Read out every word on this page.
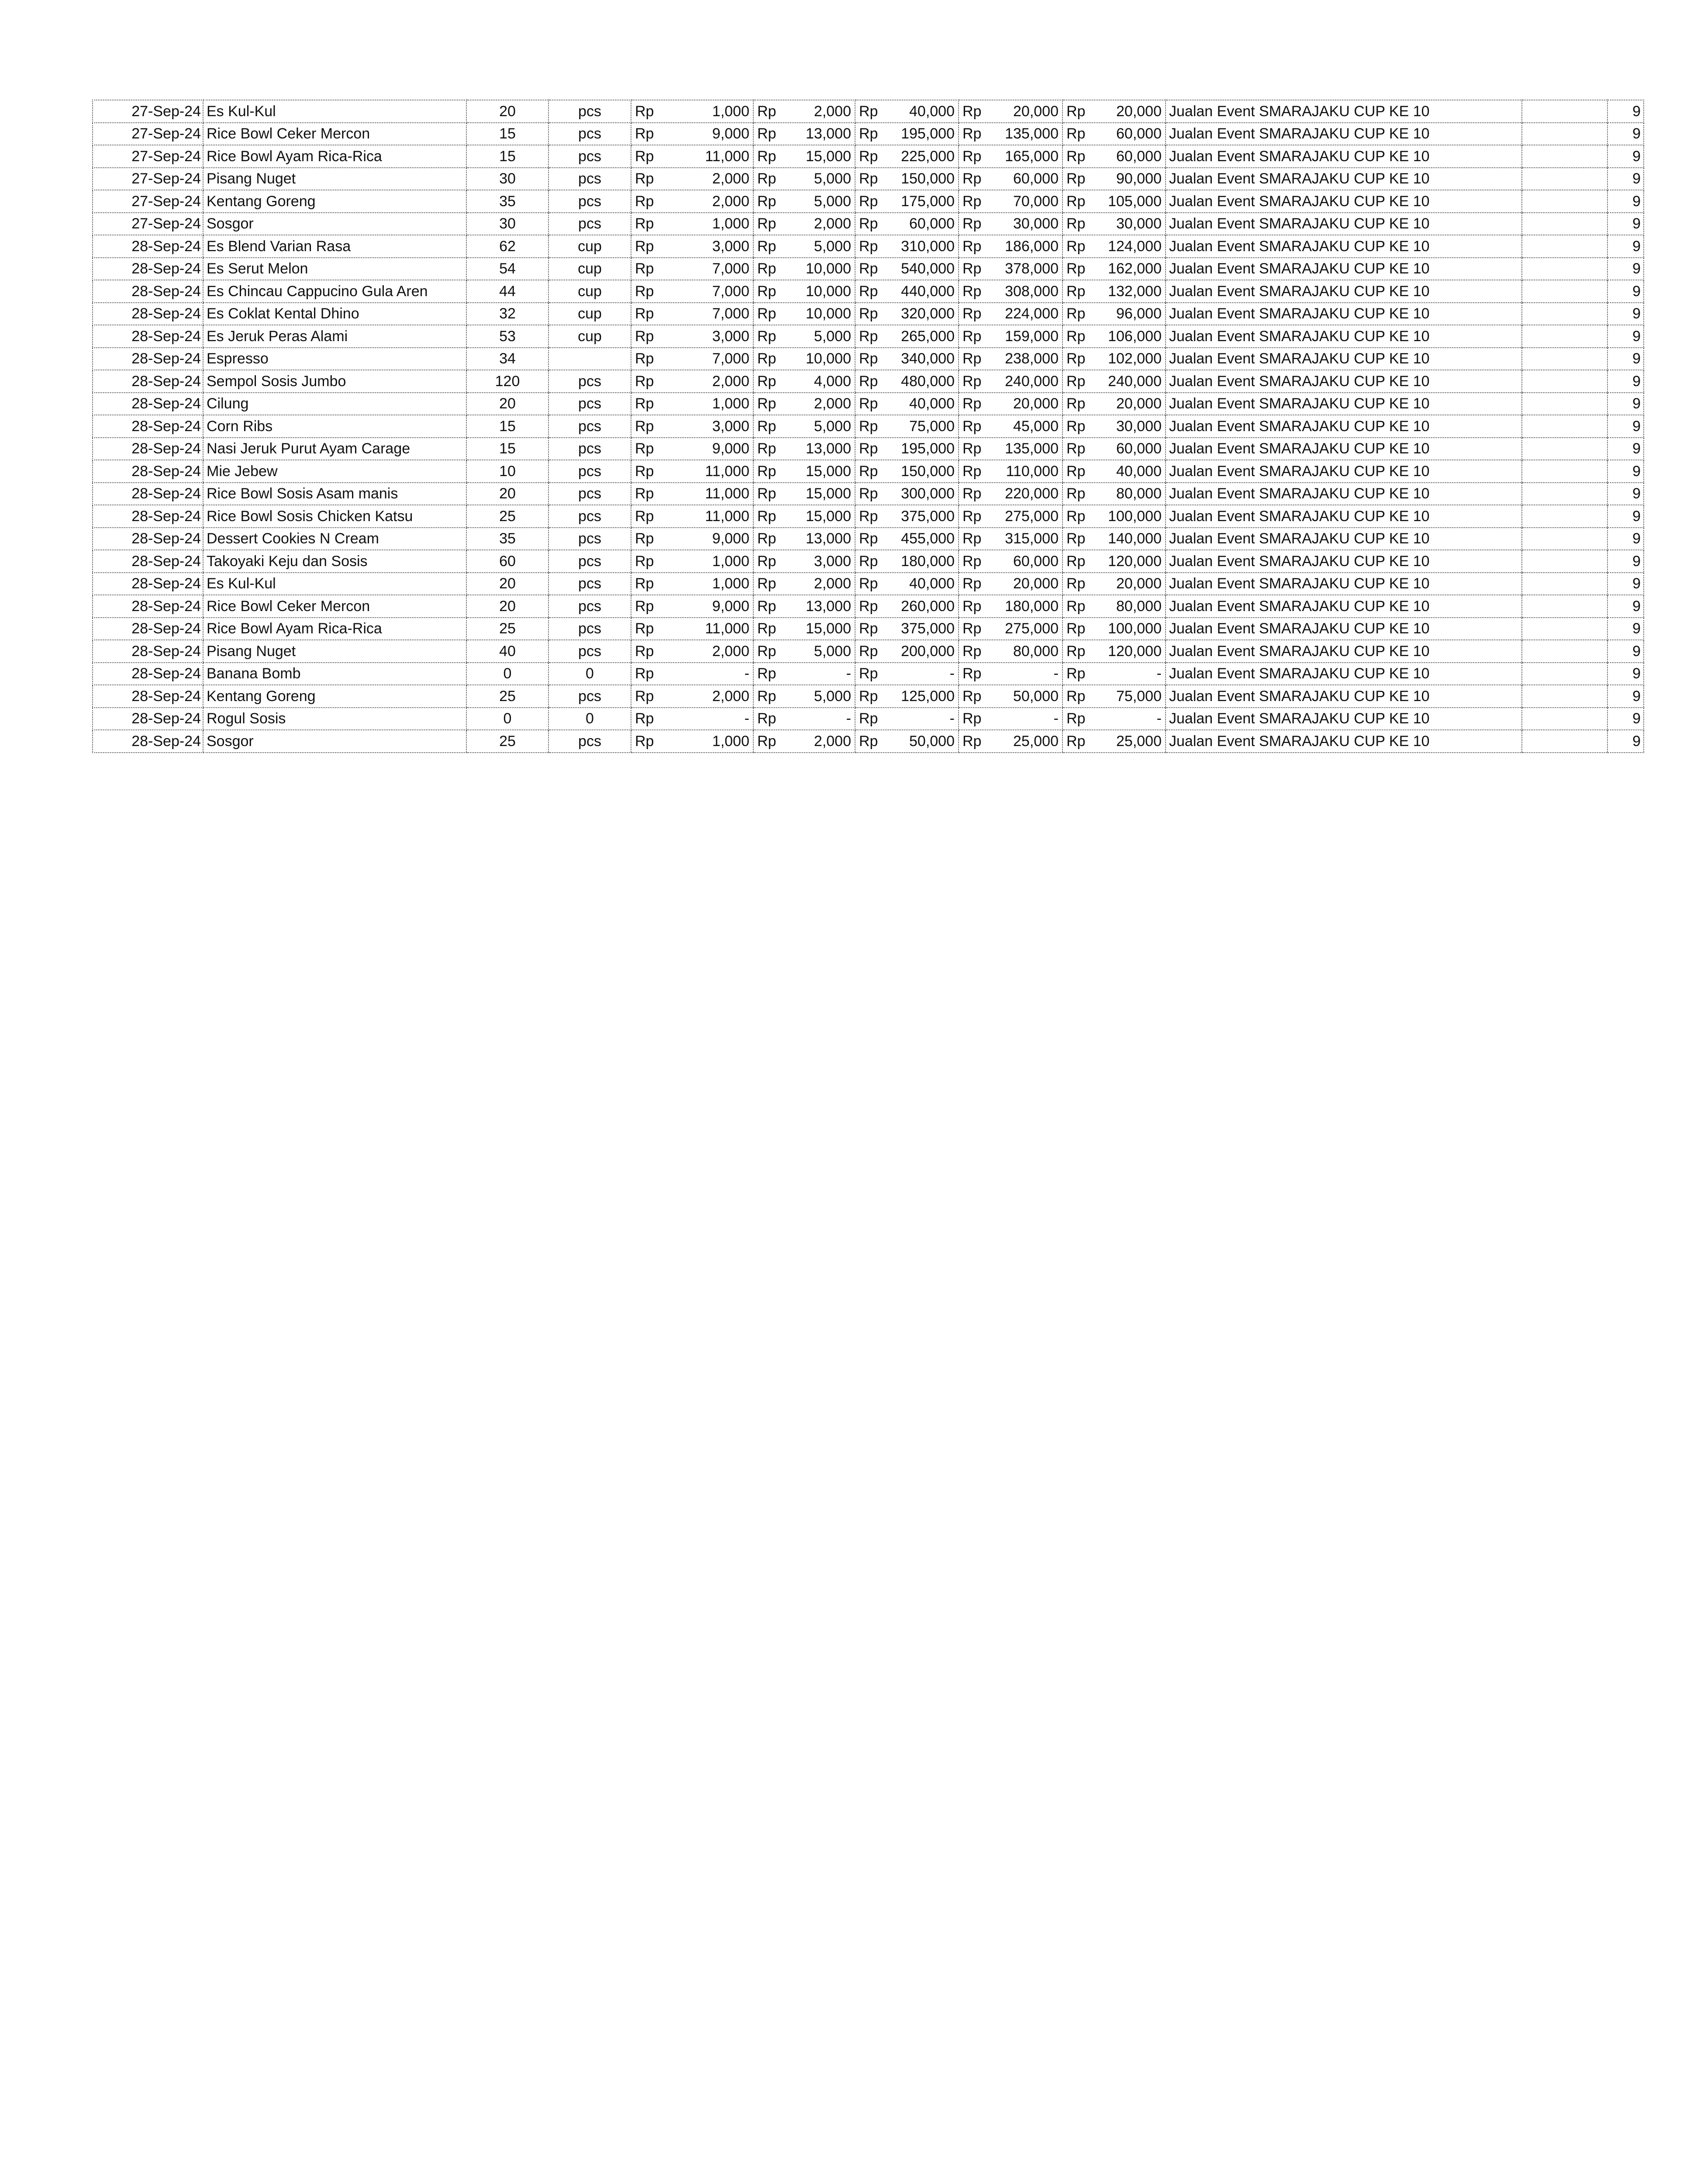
27-Sep-24	Es Kul-Kul	20	pcs	Rp 1,000	Rp 2,000	Rp 40,000	Rp 20,000	Rp 20,000	Jualan Event SMARAJAKU CUP KE 10		9
27-Sep-24	Rice Bowl Ceker Mercon	15	pcs	Rp 9,000	Rp 13,000	Rp 195,000	Rp 135,000	Rp 60,000	Jualan Event SMARAJAKU CUP KE 10		9
27-Sep-24	Rice Bowl Ayam Rica-Rica	15	pcs	Rp 11,000	Rp 15,000	Rp 225,000	Rp 165,000	Rp 60,000	Jualan Event SMARAJAKU CUP KE 10		9
27-Sep-24	Pisang Nuget	30	pcs	Rp 2,000	Rp 5,000	Rp 150,000	Rp 60,000	Rp 90,000	Jualan Event SMARAJAKU CUP KE 10		9
27-Sep-24	Kentang Goreng	35	pcs	Rp 2,000	Rp 5,000	Rp 175,000	Rp 70,000	Rp 105,000	Jualan Event SMARAJAKU CUP KE 10		9
27-Sep-24	Sosgor	30	pcs	Rp 1,000	Rp 2,000	Rp 60,000	Rp 30,000	Rp 30,000	Jualan Event SMARAJAKU CUP KE 10		9
28-Sep-24	Es Blend Varian Rasa	62	cup	Rp 3,000	Rp 5,000	Rp 310,000	Rp 186,000	Rp 124,000	Jualan Event SMARAJAKU CUP KE 10		9
28-Sep-24	Es Serut Melon	54	cup	Rp 7,000	Rp 10,000	Rp 540,000	Rp 378,000	Rp 162,000	Jualan Event SMARAJAKU CUP KE 10		9
28-Sep-24	Es Chincau Cappucino Gula Aren	44	cup	Rp 7,000	Rp 10,000	Rp 440,000	Rp 308,000	Rp 132,000	Jualan Event SMARAJAKU CUP KE 10		9
28-Sep-24	Es Coklat Kental Dhino	32	cup	Rp 7,000	Rp 10,000	Rp 320,000	Rp 224,000	Rp 96,000	Jualan Event SMARAJAKU CUP KE 10		9
28-Sep-24	Es Jeruk Peras Alami	53	cup	Rp 3,000	Rp 5,000	Rp 265,000	Rp 159,000	Rp 106,000	Jualan Event SMARAJAKU CUP KE 10		9
28-Sep-24	Espresso	34		Rp 7,000	Rp 10,000	Rp 340,000	Rp 238,000	Rp 102,000	Jualan Event SMARAJAKU CUP KE 10		9
28-Sep-24	Sempol Sosis Jumbo	120	pcs	Rp 2,000	Rp 4,000	Rp 480,000	Rp 240,000	Rp 240,000	Jualan Event SMARAJAKU CUP KE 10		9
28-Sep-24	Cilung	20	pcs	Rp 1,000	Rp 2,000	Rp 40,000	Rp 20,000	Rp 20,000	Jualan Event SMARAJAKU CUP KE 10		9
28-Sep-24	Corn Ribs	15	pcs	Rp 3,000	Rp 5,000	Rp 75,000	Rp 45,000	Rp 30,000	Jualan Event SMARAJAKU CUP KE 10		9
28-Sep-24	Nasi Jeruk Purut Ayam Carage	15	pcs	Rp 9,000	Rp 13,000	Rp 195,000	Rp 135,000	Rp 60,000	Jualan Event SMARAJAKU CUP KE 10		9
28-Sep-24	Mie Jebew	10	pcs	Rp 11,000	Rp 15,000	Rp 150,000	Rp 110,000	Rp 40,000	Jualan Event SMARAJAKU CUP KE 10		9
28-Sep-24	Rice Bowl Sosis Asam manis	20	pcs	Rp 11,000	Rp 15,000	Rp 300,000	Rp 220,000	Rp 80,000	Jualan Event SMARAJAKU CUP KE 10		9
28-Sep-24	Rice Bowl Sosis Chicken Katsu	25	pcs	Rp 11,000	Rp 15,000	Rp 375,000	Rp 275,000	Rp 100,000	Jualan Event SMARAJAKU CUP KE 10		9
28-Sep-24	Dessert Cookies N Cream	35	pcs	Rp 9,000	Rp 13,000	Rp 455,000	Rp 315,000	Rp 140,000	Jualan Event SMARAJAKU CUP KE 10		9
28-Sep-24	Takoyaki Keju dan Sosis	60	pcs	Rp 1,000	Rp 3,000	Rp 180,000	Rp 60,000	Rp 120,000	Jualan Event SMARAJAKU CUP KE 10		9
28-Sep-24	Es Kul-Kul	20	pcs	Rp 1,000	Rp 2,000	Rp 40,000	Rp 20,000	Rp 20,000	Jualan Event SMARAJAKU CUP KE 10		9
28-Sep-24	Rice Bowl Ceker Mercon	20	pcs	Rp 9,000	Rp 13,000	Rp 260,000	Rp 180,000	Rp 80,000	Jualan Event SMARAJAKU CUP KE 10		9
28-Sep-24	Rice Bowl Ayam Rica-Rica	25	pcs	Rp 11,000	Rp 15,000	Rp 375,000	Rp 275,000	Rp 100,000	Jualan Event SMARAJAKU CUP KE 10		9
28-Sep-24	Pisang Nuget	40	pcs	Rp 2,000	Rp 5,000	Rp 200,000	Rp 80,000	Rp 120,000	Jualan Event SMARAJAKU CUP KE 10		9
28-Sep-24	Banana Bomb	0	0	Rp -	Rp -	Rp -	Rp -	Rp -	Jualan Event SMARAJAKU CUP KE 10		9
28-Sep-24	Kentang Goreng	25	pcs	Rp 2,000	Rp 5,000	Rp 125,000	Rp 50,000	Rp 75,000	Jualan Event SMARAJAKU CUP KE 10		9
28-Sep-24	Rogul Sosis	0	0	Rp -	Rp -	Rp -	Rp -	Rp -	Jualan Event SMARAJAKU CUP KE 10		9
28-Sep-24	Sosgor	25	pcs	Rp 1,000	Rp 2,000	Rp 50,000	Rp 25,000	Rp 25,000	Jualan Event SMARAJAKU CUP KE 10		9
